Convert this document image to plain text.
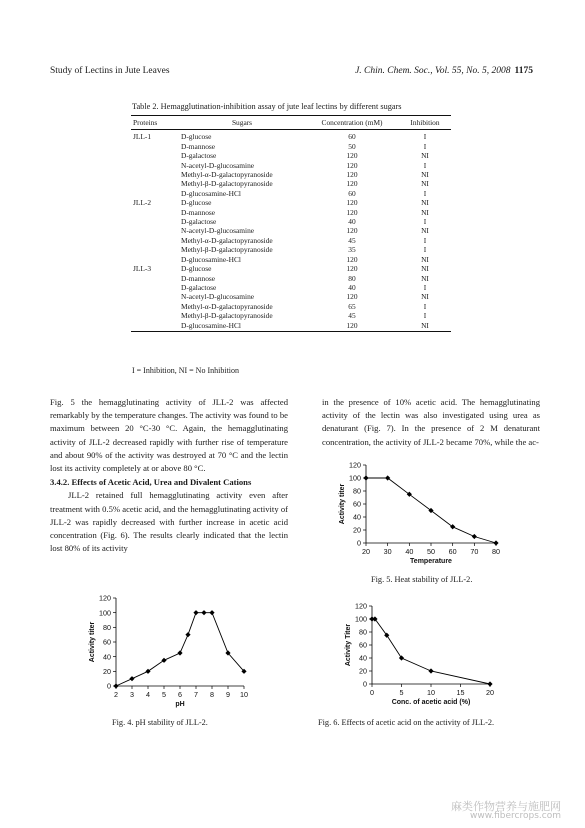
Study of Lectins in Jute Leaves	J. Chin. Chem. Soc., Vol. 55, No. 5, 2008 1175
Table 2. Hemagglutination-inhibition assay of jute leaf lectins by different sugars
Proteins	Sugars	Concentration (mM)	Inhibition
JLL-1	D-glucose	60	I
	D-mannose	50	I
	D-galactose	120	NI
	N-acetyl-D-glucosamine	120	I
	Methyl-α-D-galactopyranoside	120	NI
	Methyl-β-D-galactopyranoside	120	NI
	D-glucosamine-HCl	60	I
JLL-2	D-glucose	120	NI
	D-mannose	120	NI
	D-galactose	40	I
	N-acetyl-D-glucosamine	120	NI
	Methyl-α-D-galactopyranoside	45	I
	Methyl-β-D-galactopyranoside	35	I
	D-glucosamine-HCl	120	NI
JLL-3	D-glucose	120	NI
	D-mannose	80	NI
	D-galactose	40	I
	N-acetyl-D-glucosamine	120	NI
	Methyl-α-D-galactopyranoside	65	I
	Methyl-β-D-galactopyranoside	45	I
	D-glucosamine-HCl	120	NI
I = Inhibition, NI = No Inhibition

Fig. 5 the hemagglutinating activity of JLL-2 was affected remarkably by the temperature changes. The activity was found to be maximum between 20 °C-30 °C. Again, the hemagglutinating activity of JLL-2 decreased rapidly with further rise of temperature and about 90% of the activity was destroyed at 70 °C and the lectin lost its activity completely at or above 80 °C.

3.4.2. Effects of Acetic Acid, Urea and Divalent Cations

JLL-2 retained full hemagglutinating activity even after treatment with 0.5% acetic acid, and the hemagglutinating activity of JLL-2 was rapidly decreased with further increase in acetic acid concentration (Fig. 6). The results clearly indicated that the lectin lost 80% of its activity

in the presence of 10% acetic acid. The hemagglutinating activity of the lectin was also investigated using urea as denaturant (Fig. 7). In the presence of 2 M denaturant concentration, the activity of JLL-2 became 70%, while the ac-

0
20
40
60
80
100
120
20 30 40 50 60 70 80
Temperature
Activity titer
Fig. 5. Heat stability of JLL-2.
0
20
40
60
80
100
120
2 3 4 5 6 7 8 9 10
pH
Activity titer
Fig. 4. pH stability of JLL-2.
0
20
40
60
80
100
120
0	5	10	15	20
Conc. of acetic acid (%)
Activity Titer
Fig. 6. Effects of acetic acid on the activity of JLL-2.
麻类作物营养与施肥网
www.fibercrops.com
